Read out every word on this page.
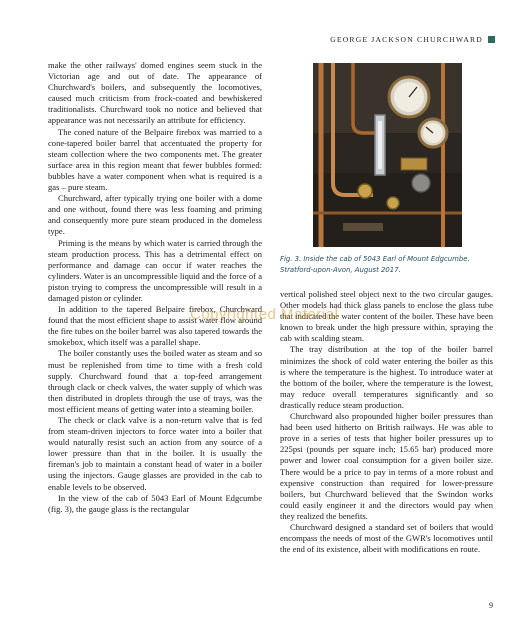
GEORGE JACKSON CHURCHWARD

make the other railways' domed engines seem stuck in the Victorian age and out of date. The appearance of Churchward's boilers, and subsequently the locomotives, caused much criticism from frock-coated and bewhiskered traditionalists. Churchward took no notice and believed that appearance was not necessarily an attribute for efficiency.

The coned nature of the Belpaire firebox was married to a cone-tapered boiler barrel that accentuated the property for steam collection where the two components met. The greater surface area in this region meant that fewer bubbles formed: bubbles have a water component when what is required is a gas – pure steam.

Churchward, after typically trying one boiler with a dome and one without, found there was less foaming and priming and consequently more pure steam produced in the domeless type.

Priming is the means by which water is carried through the steam production process. This has a detrimental effect on performance and damage can occur if water reaches the cylinders. Water is an uncompressible liquid and the force of a piston trying to compress the uncompressible will result in a damaged piston or cylinder.

In addition to the tapered Belpaire firebox, Churchward found that the most efficient shape to assist water flow around the fire tubes on the boiler barrel was also tapered towards the smokebox, which itself was a parallel shape.

The boiler constantly uses the boiled water as steam and so must be replenished from time to time with a fresh cold supply. Churchward found that a top-feed arrangement through clack or check valves, the water supply of which was then distributed in droplets through the use of trays, was the most efficient means of getting water into a steaming boiler.

The check or clack valve is a non-return valve that is fed from steam-driven injectors to force water into a boiler that would naturally resist such an action from any source of a lower pressure than that in the boiler. It is usually the fireman's job to maintain a constant head of water in a boiler using the injectors. Gauge glasses are provided in the cab to enable levels to be observed.

In the view of the cab of 5043 Earl of Mount Edgcumbe (fig. 3), the gauge glass is the rectangular

Fig. 3. Inside the cab of 5043 Earl of Mount Edgcumbe. Stratford-upon-Avon, August 2017.

vertical polished steel object next to the two circular gauges. Other models had thick glass panels to enclose the glass tube that indicated the water content of the boiler. These have been known to break under the high pressure within, spraying the cab with scalding steam.

The tray distribution at the top of the boiler barrel minimizes the shock of cold water entering the boiler as this is where the temperature is the highest. To introduce water at the bottom of the boiler, where the temperature is the lowest, may reduce overall temperatures significantly and so drastically reduce steam production.

Churchward also propounded higher boiler pressures than had been used hitherto on British railways. He was able to prove in a series of tests that higher boiler pressures up to 225psi (pounds per square inch; 15.65 bar) produced more power and lower coal consumption for a given boiler size. There would be a price to pay in terms of a more robust and expensive construction than required for lower-pressure boilers, but Churchward believed that the Swindon works could easily engineer it and the directors would pay when they realized the benefits.

Churchward designed a standard set of boilers that would encompass the needs of most of the GWR's locomotives until the end of its existence, albeit with modifications en route.

Copyrighted Material
9
